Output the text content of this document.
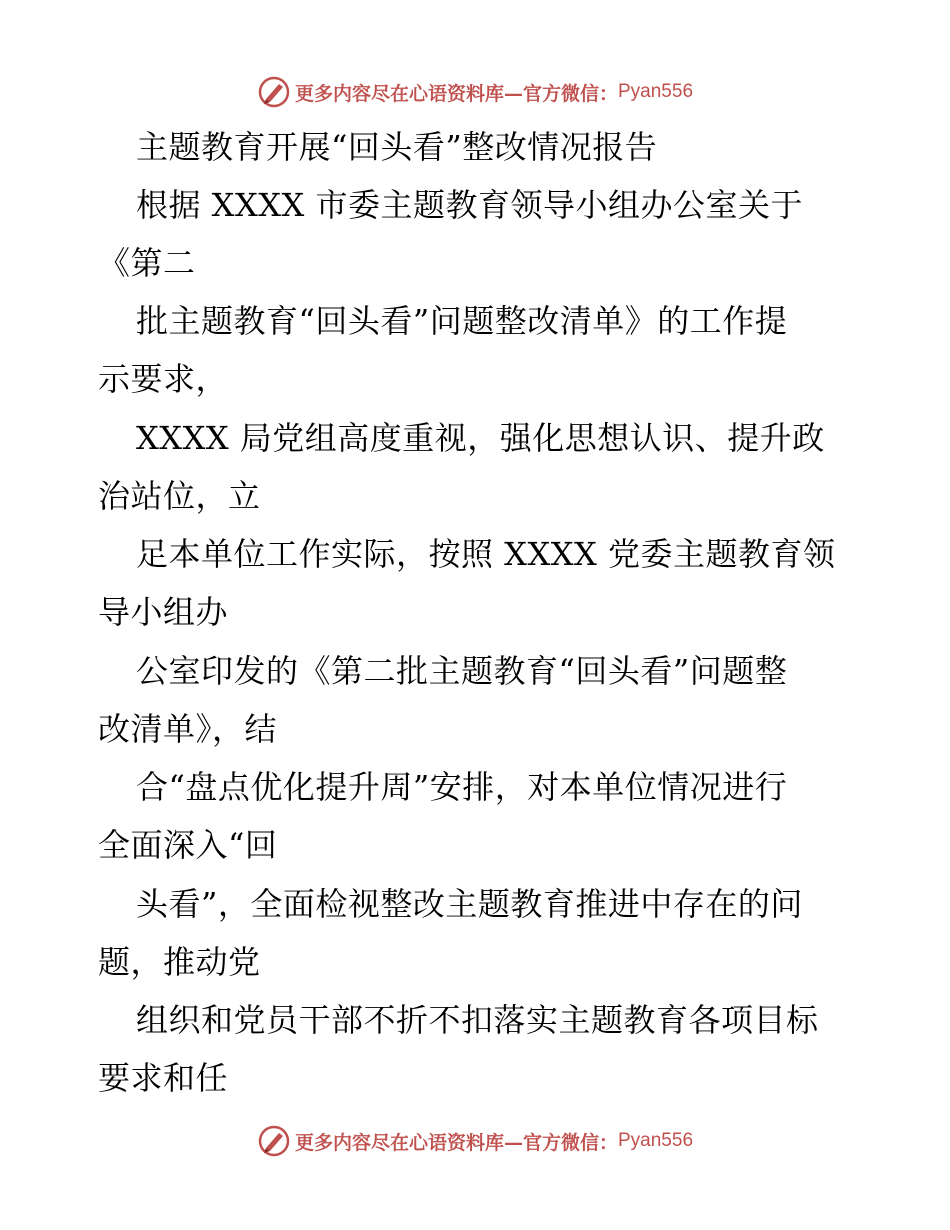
更多内容尽在心语资料库—官方微信： Pyan556
主题教育开展“回头看”整改情况报告
根据 XXXX 市委主题教育领导小组办公室关于
《第二
批主题教育“回头看”问题整改清单》的工作提
示要求，
XXXX 局党组高度重视，强化思想认识、提升政
治站位，立
足本单位工作实际，按照 XXXX 党委主题教育领
导小组办
公室印发的《第二批主题教育“回头看”问题整
改清单》，结
合“盘点优化提升周”安排，对本单位情况进行
全面深入“回
头看”，全面检视整改主题教育推进中存在的问
题，推动党
组织和党员干部不折不扣落实主题教育各项目标
要求和任
更多内容尽在心语资料库—官方微信： Pyan556
